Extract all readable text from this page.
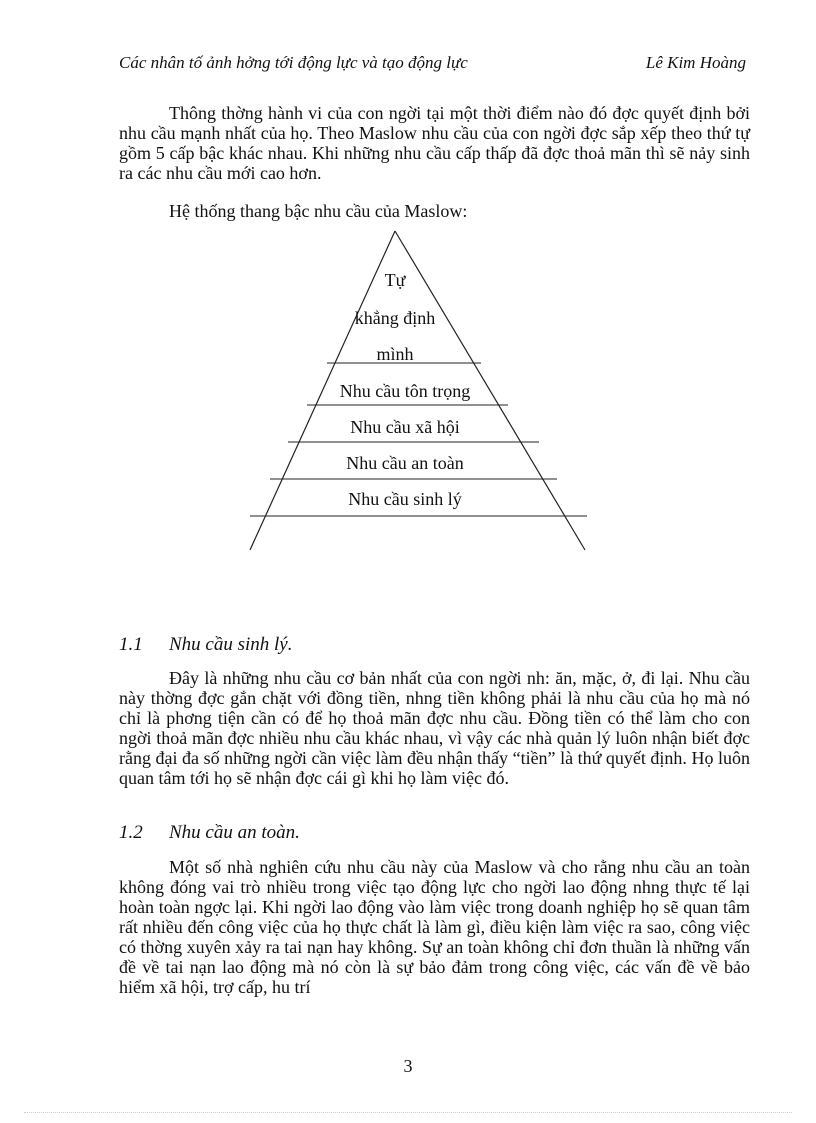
Các nhân tố ảnh hởng tới động lực và tạo động lực	Lê Kim Hoàng

Thông thờng hành vi của con ngời tại một thời điểm nào đó đợc quyết định bởi nhu cầu mạnh nhất của họ. Theo Maslow nhu cầu của con ngời đợc sắp xếp theo thứ tự gồm 5 cấp bậc khác nhau. Khi những nhu cầu cấp thấp đã đợc thoả mãn thì sẽ nảy sinh ra các nhu cầu mới cao hơn.

Hệ thống thang bậc nhu cầu của Maslow:

Tự
khẳng định
mình
Nhu cầu tôn trọng
Nhu cầu xã hội
Nhu cầu an toàn
Nhu cầu sinh lý
1.1 Nhu cầu sinh lý.

Đây là những nhu cầu cơ bản nhất của con ngời nh: ăn, mặc, ở, đi lại. Nhu cầu này thờng đợc gắn chặt với đồng tiền, nhng tiền không phải là nhu cầu của họ mà nó chỉ là phơng tiện cần có để họ thoả mãn đợc nhu cầu. Đồng tiền có thể làm cho con ngời thoả mãn đợc nhiều nhu cầu khác nhau, vì vậy các nhà quản lý luôn nhận biết đợc rằng đại đa số những ngời cần việc làm đều nhận thấy “tiền” là thứ quyết định. Họ luôn quan tâm tới họ sẽ nhận đợc cái gì khi họ làm việc đó.

1.2 Nhu cầu an toàn.

Một số nhà nghiên cứu nhu cầu này của Maslow và cho rằng nhu cầu an toàn không đóng vai trò nhiều trong việc tạo động lực cho ngời lao động nhng thực tế lại hoàn toàn ngợc lại. Khi ngời lao động vào làm việc trong doanh nghiệp họ sẽ quan tâm rất nhiều đến công việc của họ thực chất là làm gì, điều kiện làm việc ra sao, công việc có thờng xuyên xảy ra tai nạn hay không. Sự an toàn không chỉ đơn thuần là những vấn đề về tai nạn lao động mà nó còn là sự bảo đảm trong công việc, các vấn đề về bảo hiểm xã hội, trợ cấp, hu trí

3
